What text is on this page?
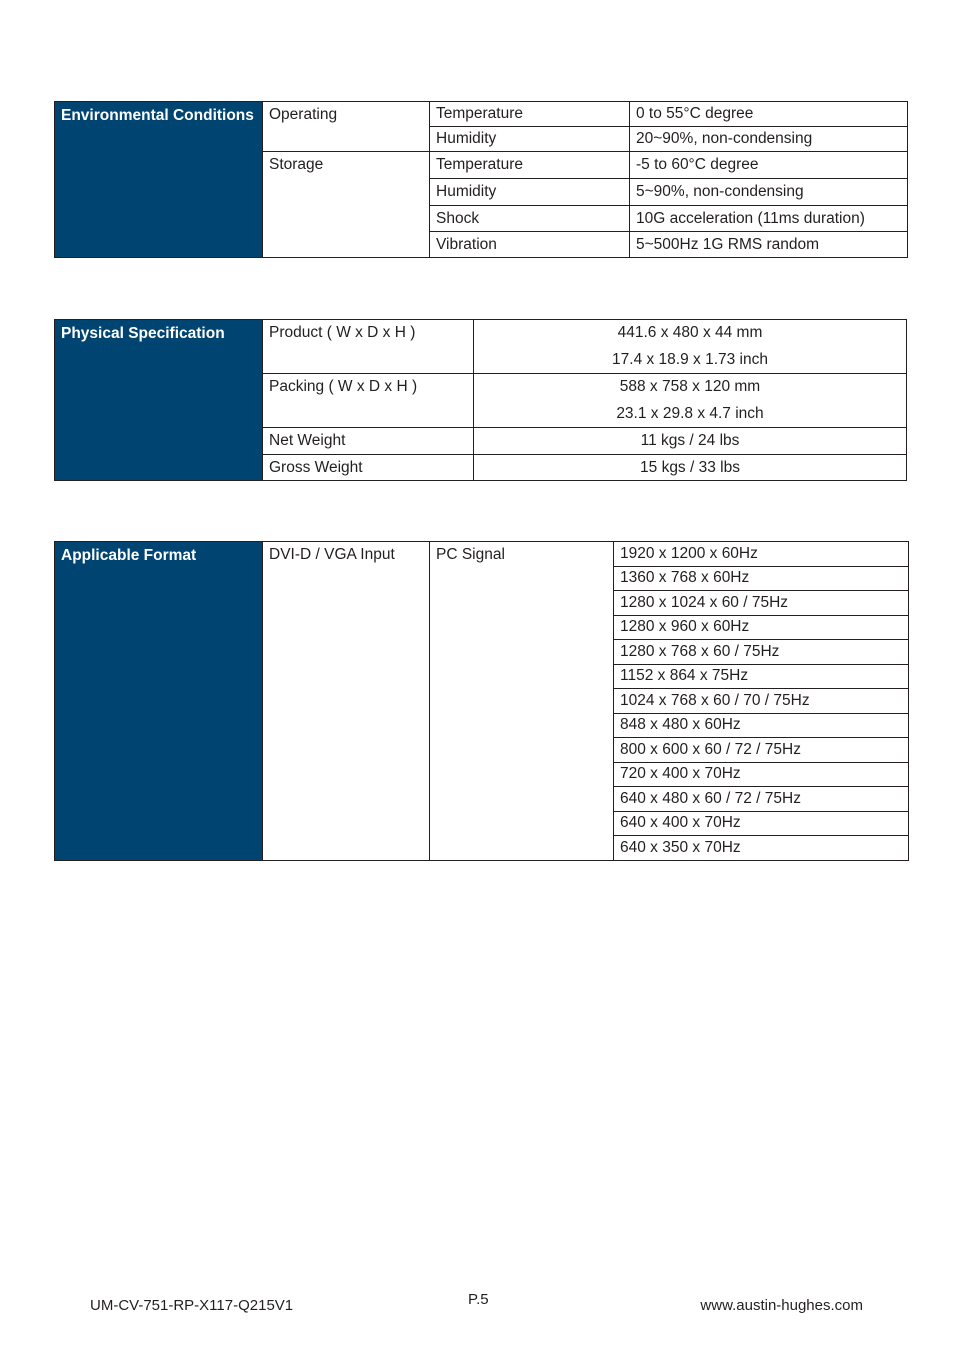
Environmental Conditions	Operating	Temperature	0 to 55°C degree
		Humidity	20~90%, non-condensing
	Storage	Temperature	-5 to 60°C degree
		Humidity	5~90%, non-condensing
		Shock	10G acceleration (11ms duration)
		Vibration	5~500Hz 1G RMS random
Physical Specification	Product ( W x D x H )	441.6 x 480 x 44 mm
		17.4 x 18.9 x 1.73 inch
	Packing ( W x D x H )	588 x 758 x 120 mm
		23.1 x 29.8 x 4.7 inch
	Net Weight	11 kgs / 24 lbs
	Gross Weight	15 kgs / 33 lbs
Applicable Format	DVI-D / VGA Input	PC Signal	1920 x 1200 x 60Hz
1360 x 768 x 60Hz
1280 x 1024 x 60 / 75Hz
1280 x 960 x 60Hz
1280 x 768 x 60 / 75Hz
1152 x 864 x 75Hz
1024 x 768 x 60 / 70 / 75Hz
848 x 480 x 60Hz
800 x 600 x 60 / 72 / 75Hz
720 x 400 x 70Hz
640 x 480 x 60 / 72 / 75Hz
640 x 400 x 70Hz
640 x 350 x 70Hz
UM-CV-751-RP-X117-Q215V1	P.5	www.austin-hughes.com
